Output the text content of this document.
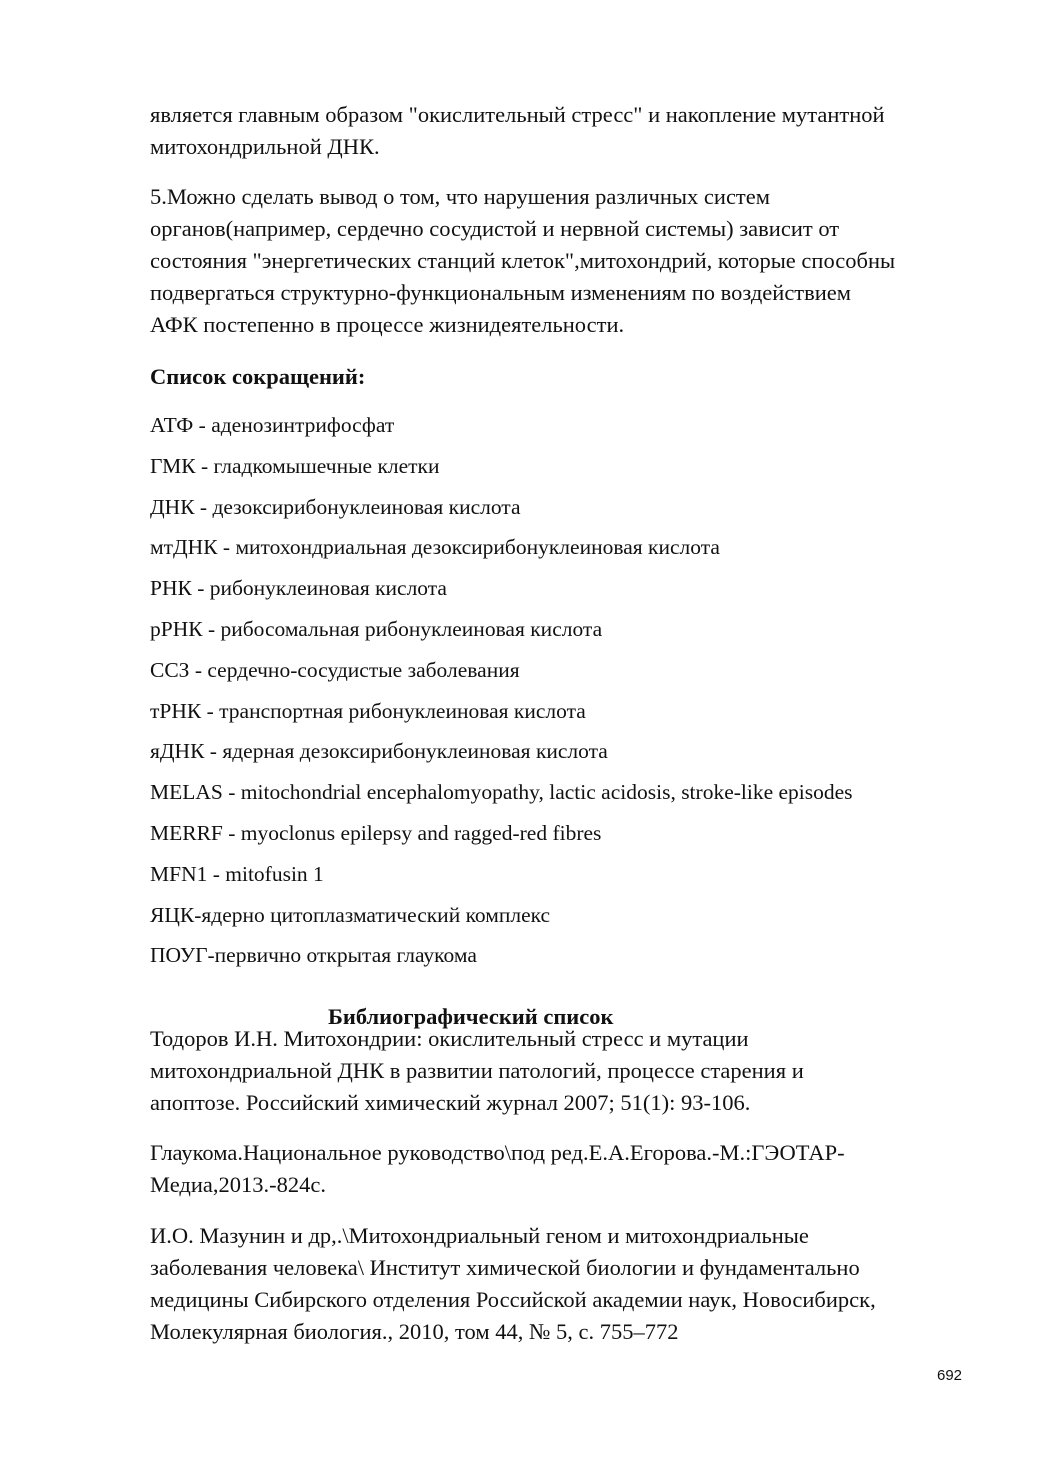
является главным образом "окислительный стресс" и накопление мутантной
митохондрильной ДНК.

5.Можно сделать вывод о том, что нарушения различных систем
органов(например, сердечно сосудистой и нервной системы) зависит от
состояния "энергетических станций клеток",митохондрий, которые способны
подвергаться структурно-функциональным изменениям по воздействием
АФК постепенно в процессе жизнидеятельности.

Список сокращений:
АТФ - аденозинтрифосфат
ГМК - гладкомышечные клетки
ДНК - дезоксирибонуклеиновая кислота
мтДНК - митохондриальная дезоксирибонуклеиновая кислота
РНК - рибонуклеиновая кислота
рРНК - рибосомальная рибонуклеиновая кислота
ССЗ - сердечно-сосудистые заболевания
тРНК - транспортная рибонуклеиновая кислота
яДНК - ядерная дезоксирибонуклеиновая кислота
MELAS - mitochondrial encephalomyopathy, lactic acidosis, stroke-like episodes
MERRF - myoclonus epilepsy and ragged-red fibres
MFN1 - mitofusin 1
ЯЦК-ядерно цитоплазматический комплекс
ПОУГ-первично открытая глаукома
Библиографический список

Тодоров И.Н. Митохондрии: окислительный стресс и мутации
митохондриальной ДНК в развитии патологий, процессе старения и
апоптозе. Российский химический журнал 2007; 51(1): 93-106.

Глаукома.Национальное руководство\под ред.Е.А.Егорова.-М.:ГЭОТАР-
Медиа,2013.-824с.

И.О. Мазунин и др,.\Митохондриальный геном и митохондриальные
заболевания человека\ Институт химической биологии и фундаментально
медицины Сибирского отделения Российской академии наук, Новосибирск,
Молекулярная биология., 2010, том 44, № 5, с. 755–772

692
